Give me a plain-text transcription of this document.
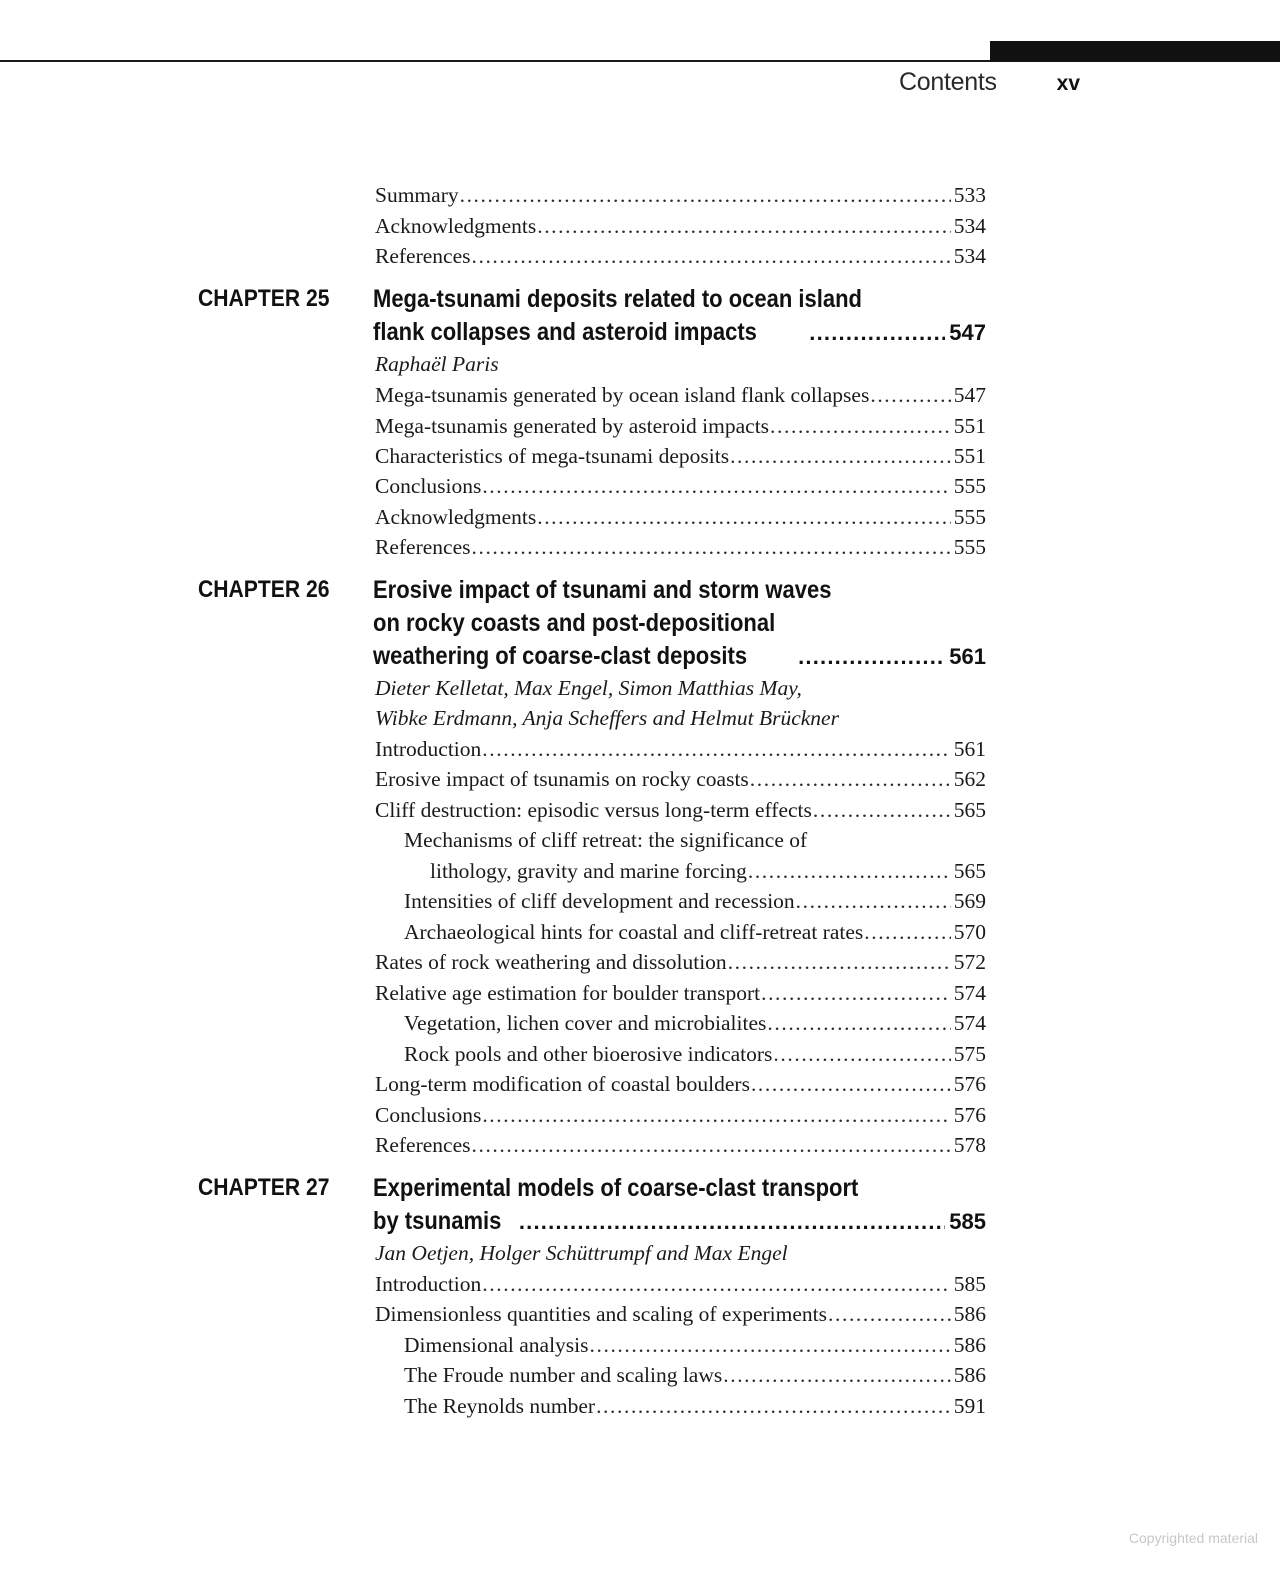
Contents	xv
Summary .....	533
Acknowledgments .....	534
References .....	534
CHAPTER 25 Mega-tsunami deposits related to ocean island
flank collapses and asteroid impacts .....	547
Raphaël Paris
Mega-tsunamis generated by ocean island flank collapses .....	547
Mega-tsunamis generated by asteroid impacts .....	551
Characteristics of mega-tsunami deposits .....	551
Conclusions .....	555
Acknowledgments .....	555
References .....	555
CHAPTER 26 Erosive impact of tsunami and storm waves
on rocky coasts and post-depositional
weathering of coarse-clast deposits .....	561
Dieter Kelletat, Max Engel, Simon Matthias May,
Wibke Erdmann, Anja Scheffers and Helmut Brückner
Introduction .....	561
Erosive impact of tsunamis on rocky coasts .....	562
Cliff destruction: episodic versus long-term effects .....	565
Mechanisms of cliff retreat: the significance of
lithology, gravity and marine forcing .....	565
Intensities of cliff development and recession .....	569
Archaeological hints for coastal and cliff-retreat rates .....	570
Rates of rock weathering and dissolution .....	572
Relative age estimation for boulder transport .....	574
Vegetation, lichen cover and microbialites .....	574
Rock pools and other bioerosive indicators .....	575
Long-term modification of coastal boulders .....	576
Conclusions .....	576
References .....	578
CHAPTER 27 Experimental models of coarse-clast transport
by tsunamis .....	585
Jan Oetjen, Holger Schüttrumpf and Max Engel
Introduction .....	585
Dimensionless quantities and scaling of experiments .....	586
Dimensional analysis .....	586
The Froude number and scaling laws .....	586
The Reynolds number .....	591
Copyrighted material
